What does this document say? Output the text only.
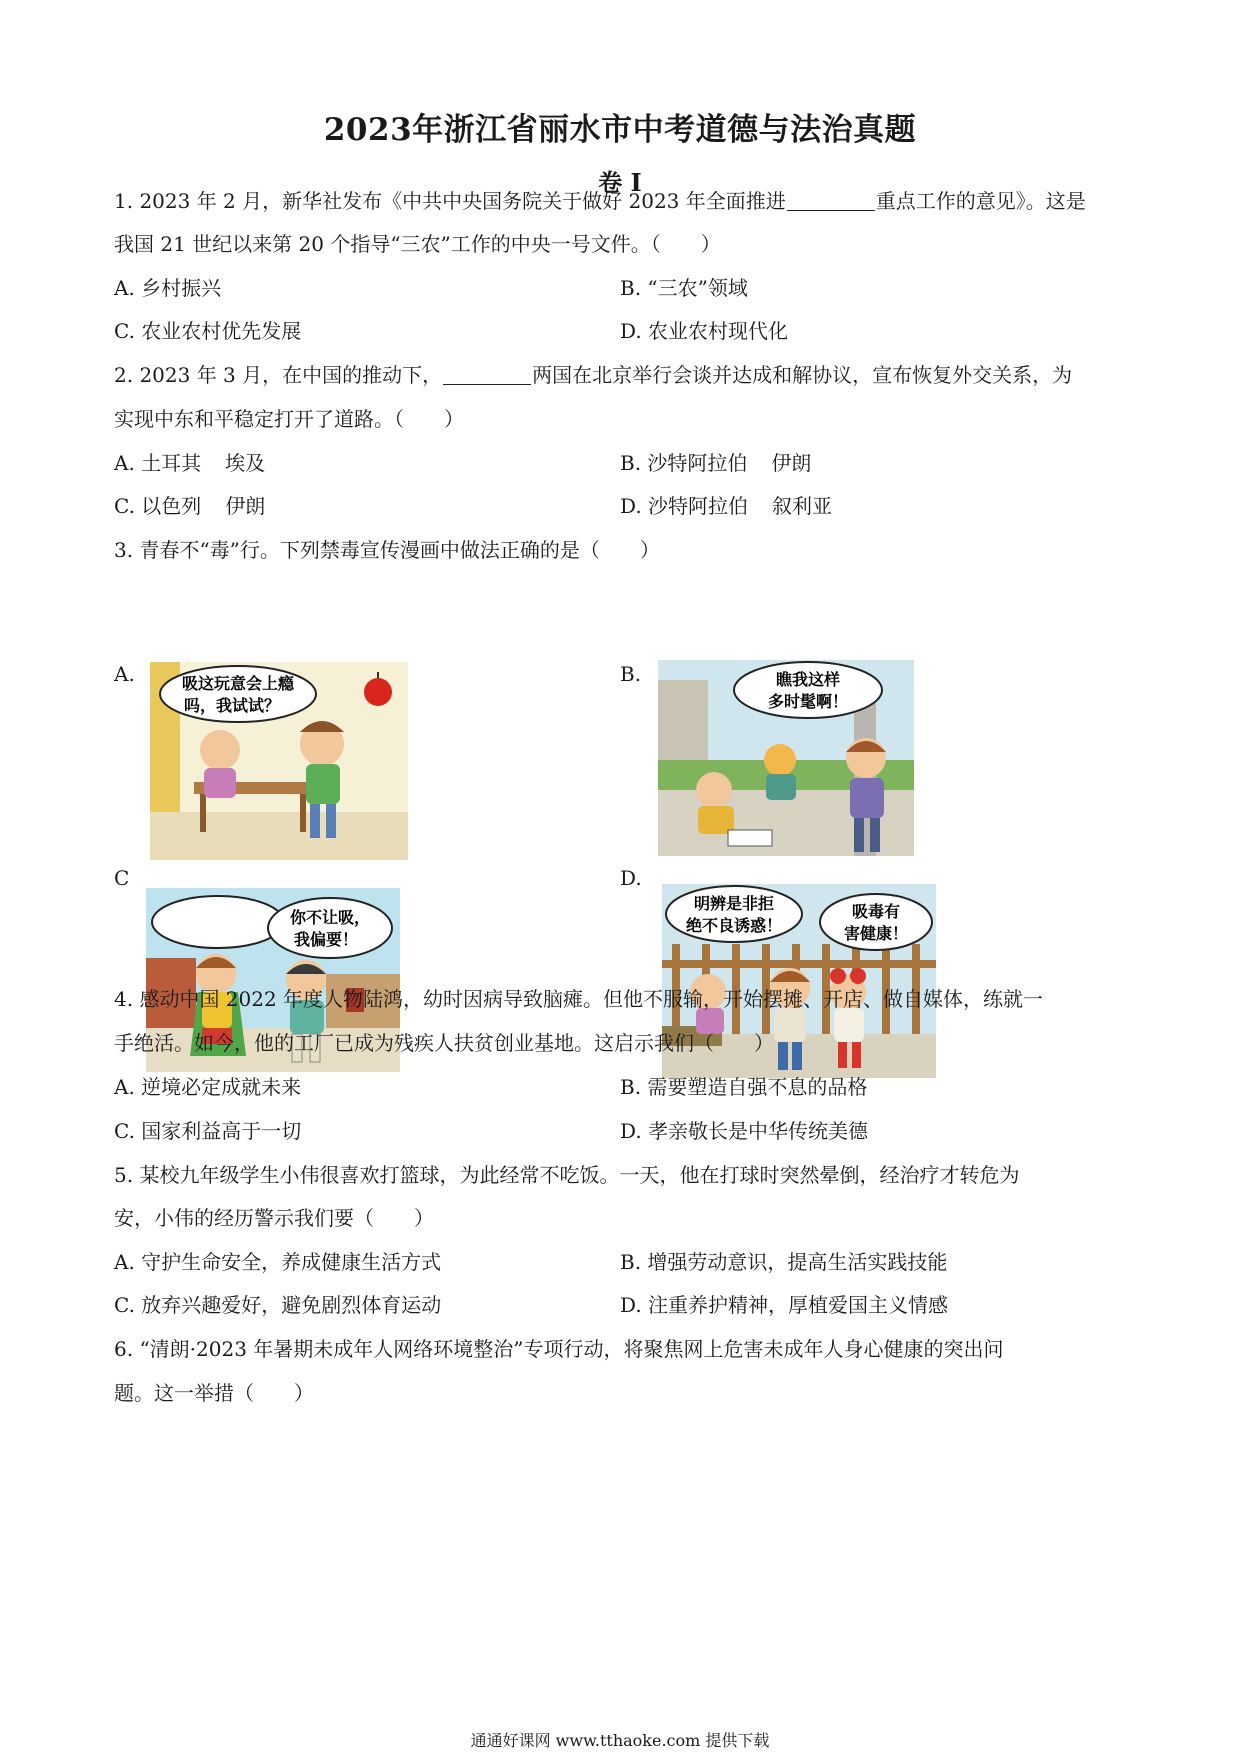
2023年浙江省丽水市中考道德与法治真题
卷 I
1. 2023 年 2 月，新华社发布《中共中央国务院关于做好 2023 年全面推进	重点工作的意见》。这是
我国 21 世纪以来第 20 个指导“三农”工作的中央一号文件。（　　）
A. 乡村振兴	B. “三农”领域
C. 农业农村优先发展	D. 农业农村现代化
2. 2023 年 3 月，在中国的推动下，	两国在北京举行会谈并达成和解协议，宣布恢复外交关系，为
实现中东和平稳定打开了道路。（　　）
A. 土耳其 埃及	B. 沙特阿拉伯 伊朗
C. 以色列 伊朗	D. 沙特阿拉伯 叙利亚
3. 青春不“毒”行。下列禁毒宣传漫画中做法正确的是（　　）
A.	B.
C	D.
吸这玩意会上瘾
吗，我试试？
瞧我这样
多时髦啊！
你不让吸，
我偏要！
明辨是非拒
绝不良诱惑！
吸毒有
害健康！
4. 感动中国 2022 年度人物陆鸿，幼时因病导致脑瘫。但他不服输，开始摆摊、开店、做自媒体，练就一
手绝活。如今，他的工厂已成为残疾人扶贫创业基地。这启示我们（　　）
A. 逆境必定成就未来	B. 需要塑造自强不息的品格
C. 国家利益高于一切	D. 孝亲敬长是中华传统美德
5. 某校九年级学生小伟很喜欢打篮球，为此经常不吃饭。一天，他在打球时突然晕倒，经治疗才转危为
安，小伟的经历警示我们要（　　）
A. 守护生命安全，养成健康生活方式	B. 增强劳动意识，提高生活实践技能
C. 放弃兴趣爱好，避免剧烈体育运动	D. 注重养护精神，厚植爱国主义情感
6. “清朗·2023 年暑期未成年人网络环境整治”专项行动，将聚焦网上危害未成年人身心健康的突出问
题。这一举措（　　）
通通好课网 www.tthaoke.com 提供下载
